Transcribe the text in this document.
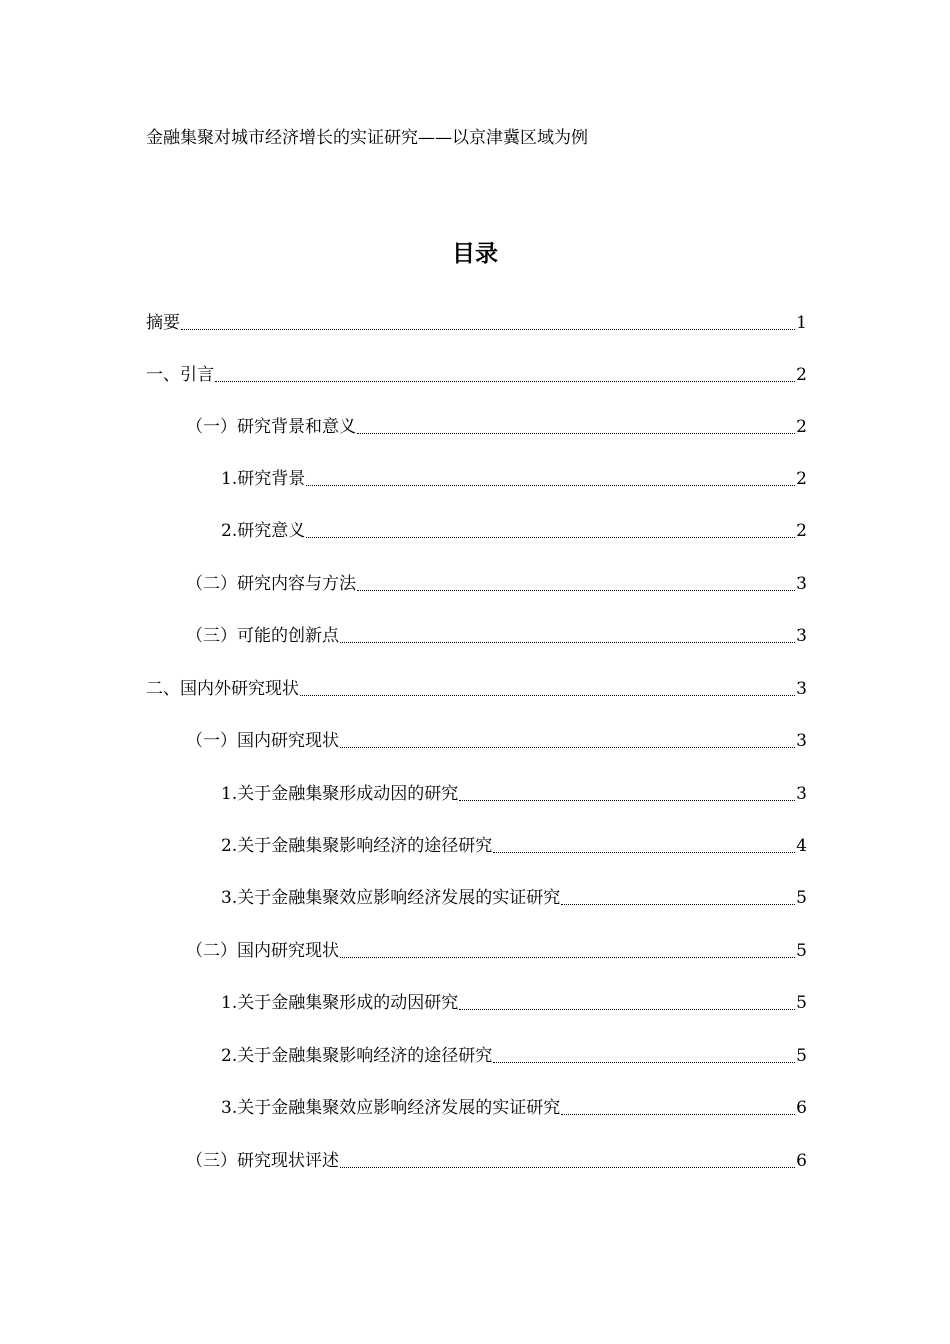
金融集聚对城市经济增长的实证研究——以京津冀区域为例
目录
摘要	1
一、引言	2
（一）研究背景和意义	2
1.研究背景	2
2.研究意义	2
（二）研究内容与方法	3
（三）可能的创新点	3
二、国内外研究现状	3
（一）国内研究现状	3
1.关于金融集聚形成动因的研究	3
2.关于金融集聚影响经济的途径研究	4
3.关于金融集聚效应影响经济发展的实证研究	5
（二）国内研究现状	5
1.关于金融集聚形成的动因研究	5
2.关于金融集聚影响经济的途径研究	5
3.关于金融集聚效应影响经济发展的实证研究	6
（三）研究现状评述	6
